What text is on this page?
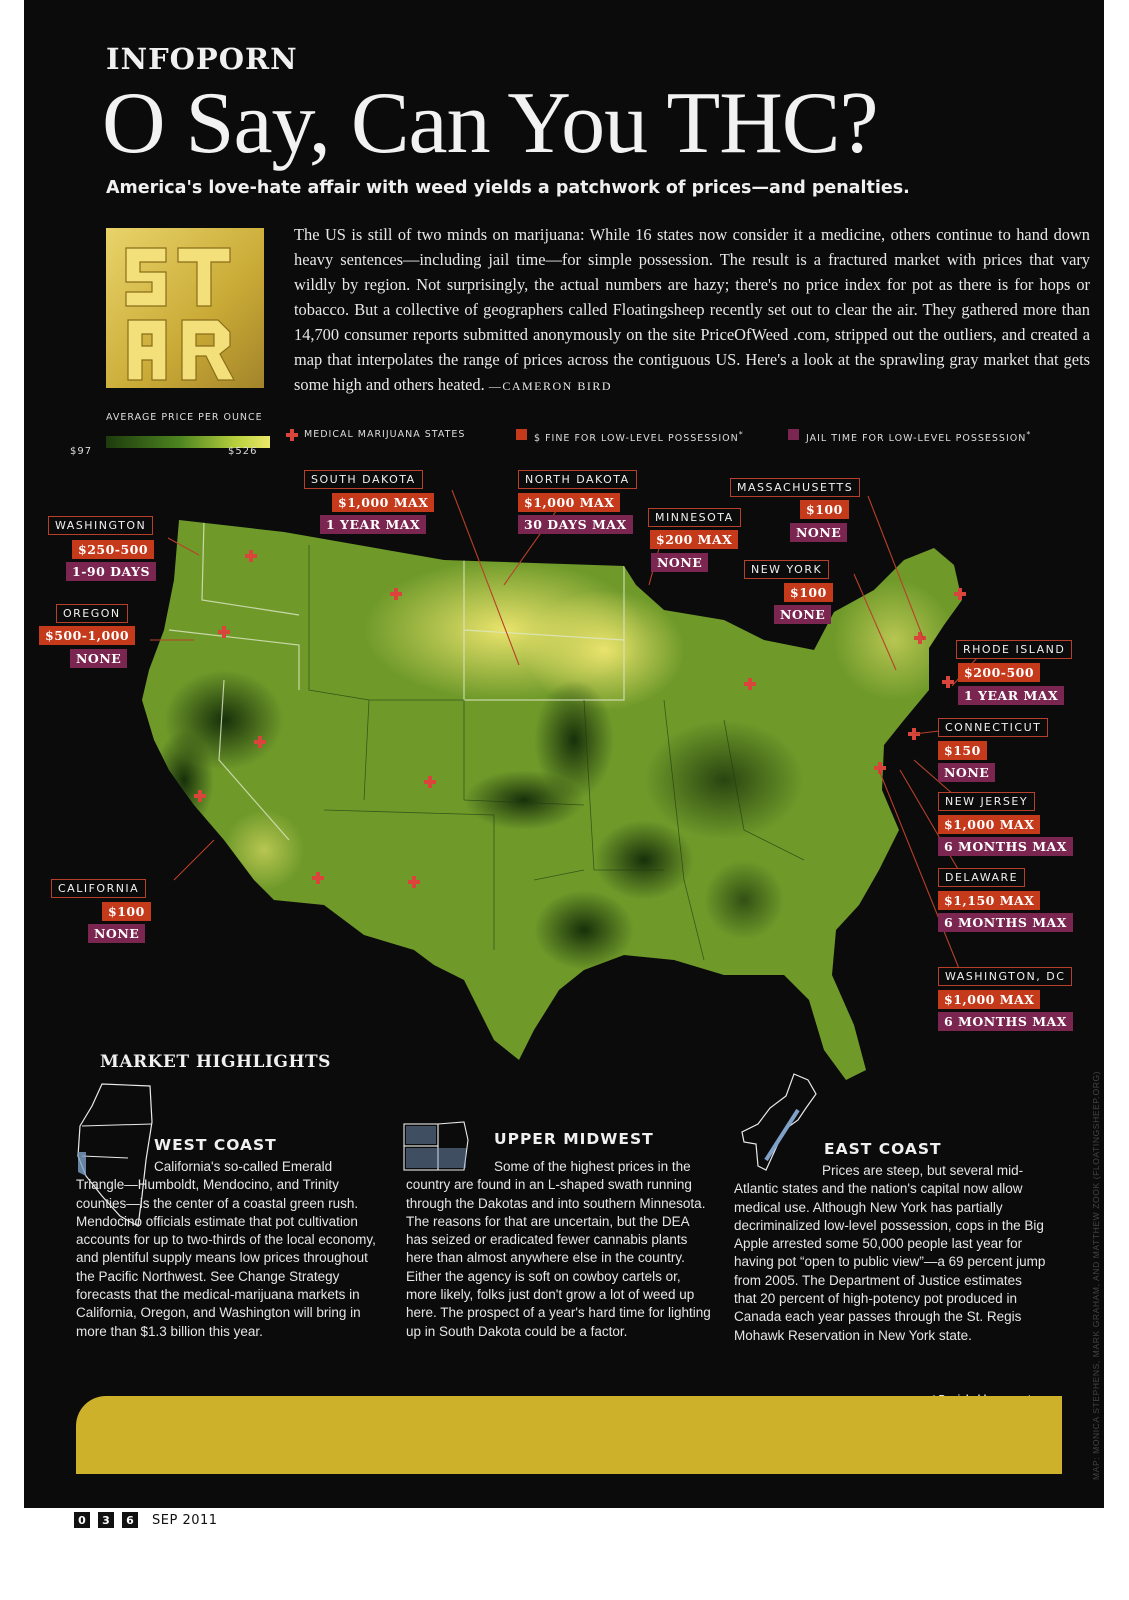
INFOPORN
O Say, Can You THC?
America's love-hate affair with weed yields a patchwork of prices—and penalties.
STAR
The US is still of two minds on marijuana: While 16 states now consider it a medicine, others continue to hand down heavy sentences—including jail time—for simple possession. The result is a fractured market with prices that vary wildly by region. Not surprisingly, the actual numbers are hazy; there's no price index for pot as there is for hops or tobacco. But a collective of geographers called Floatingsheep recently set out to clear the air. They gathered more than 14,700 consumer reports submitted anonymously on the site PriceOfWeed .com, stripped out the outliers, and created a map that interpolates the range of prices across the contiguous US. Here's a look at the sprawling gray market that gets some high and others heated. —CAMERON BIRD
AVERAGE PRICE PER OUNCE
$97	$526
MEDICAL MARIJUANA STATES	$ FINE FOR LOW-LEVEL POSSESSION*	JAIL TIME FOR LOW-LEVEL POSSESSION*
WASHINGTON
$250-500
1-90 DAYS
OREGON
$500-1,000
NONE
CALIFORNIA
$100
NONE
SOUTH DAKOTA
$1,000 MAX
1 YEAR MAX
NORTH DAKOTA
$1,000 MAX
30 DAYS MAX	MINNESOTA
$200 MAX
NONE
MASSACHUSETTS
$100
NONE
NEW YORK
$100
NONE
RHODE ISLAND
$200-500
1 YEAR MAX
CONNECTICUT
$150
NONE
NEW JERSEY
$1,000 MAX
6 MONTHS MAX
DELAWARE
$1,150 MAX
6 MONTHS MAX
WASHINGTON, DC
$1,000 MAX
6 MONTHS MAX
MARKET HIGHLIGHTS
WEST COAST

California's so-called Emerald Triangle—Humboldt, Mendocino, and Trinity counties—is the center of a coastal green rush. Mendocino officials estimate that pot cultivation accounts for up to two-thirds of the local economy, and plentiful supply means low prices throughout the Pacific Northwest. See Change Strategy forecasts that the medical-marijuana markets in California, Oregon, and Washington will bring in more than $1.3 billion this year.

UPPER MIDWEST

Some of the highest prices in the country are found in an L-shaped swath running through the Dakotas and into southern Minnesota. The reasons for that are uncertain, but the DEA has seized or eradicated fewer cannabis plants here than almost anywhere else in the country. Either the agency is soft on cowboy cartels or, more likely, folks just don't grow a lot of weed up here. The prospect of a year's hard time for lighting up in South Dakota could be a factor.

EAST COAST

Prices are steep, but several mid-Atlantic states and the nation's capital now allow medical use. Although New York has partially decriminalized low-level possession, cops in the Big Apple arrested some 50,000 people last year for having pot “open to public view”—a 69 percent jump from 2005. The Department of Justice estimates that 20 percent of high-potency pot produced in Canada each year passes through the St. Regis Mohawk Reservation in New York state.	MAP: MONICA STEPHENS, MARK GRAHAM, AND MATTHEW ZOOK (FLOATINGSHEEP.ORG)
0	3	6	SEP 2011
